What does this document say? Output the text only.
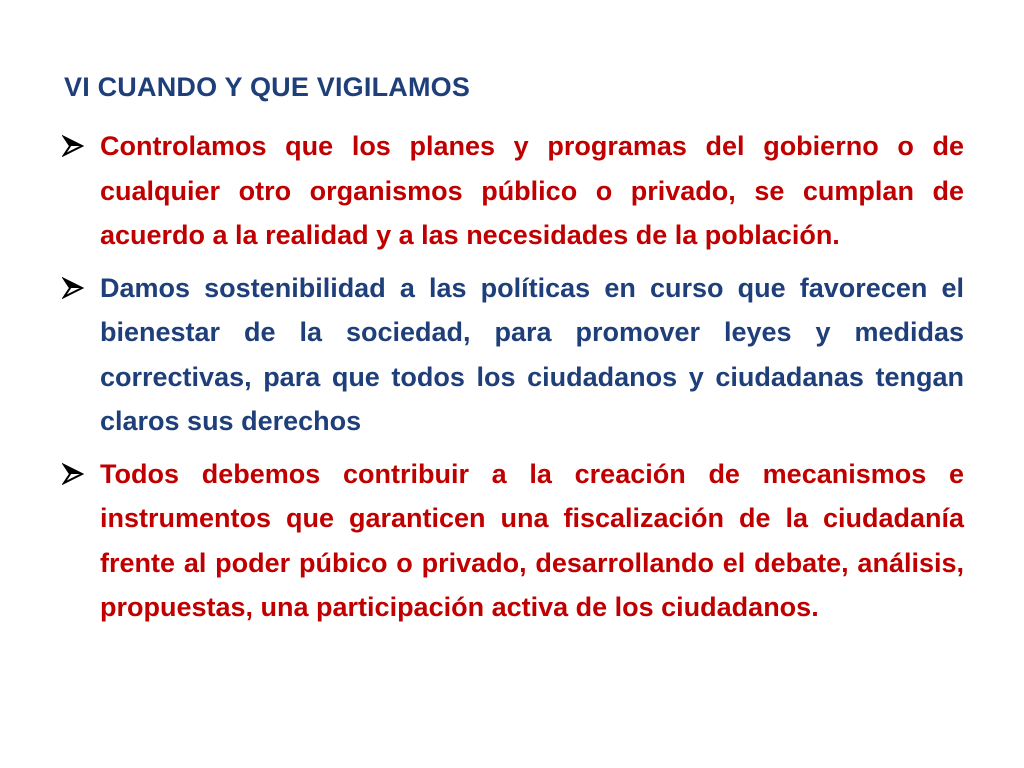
VI CUANDO Y QUE VIGILAMOS
Controlamos que los planes y programas del gobierno o de cualquier otro organismos público o privado, se cumplan de acuerdo a la realidad y a las necesidades de la población.
Damos sostenibilidad a las políticas en curso que favorecen el bienestar de la sociedad, para promover leyes y medidas correctivas, para que todos los ciudadanos y ciudadanas tengan claros sus derechos
Todos debemos contribuir a la creación de mecanismos e instrumentos que garanticen una fiscalización de la ciudadanía frente al poder púbico o privado, desarrollando el debate, análisis, propuestas, una participación activa de los ciudadanos.
